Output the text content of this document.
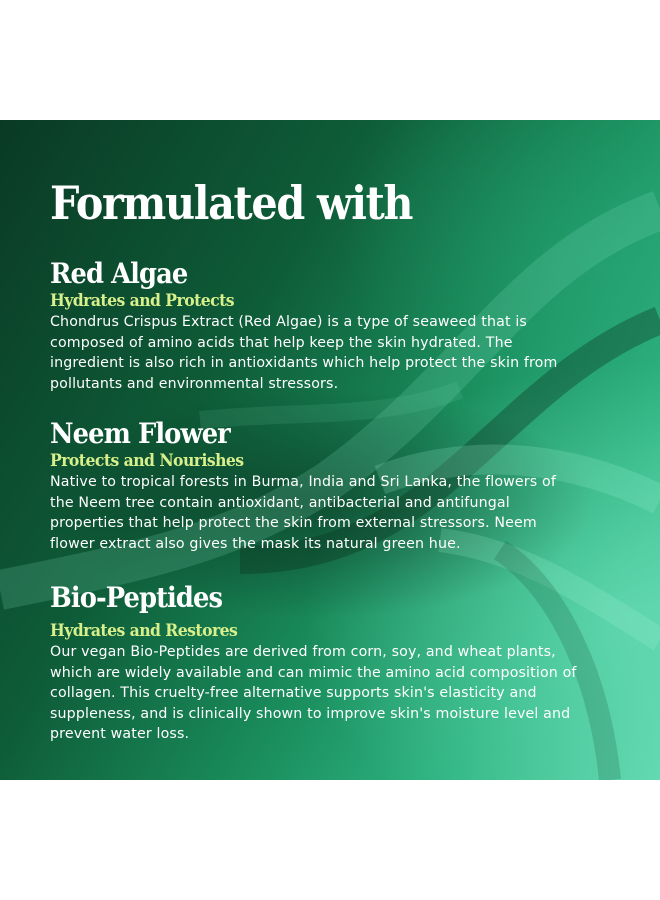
Formulated with
Red Algae
Hydrates and Protects

Chondrus Crispus Extract (Red Algae) is a type of seaweed that is
composed of amino acids that help keep the skin hydrated. The
ingredient is also rich in antioxidants which help protect the skin from
pollutants and environmental stressors.

Neem Flower
Protects and Nourishes

Native to tropical forests in Burma, India and Sri Lanka, the flowers of
the Neem tree contain antioxidant, antibacterial and antifungal
properties that help protect the skin from external stressors. Neem
flower extract also gives the mask its natural green hue.

Bio-Peptides
Hydrates and Restores

Our vegan Bio-Peptides are derived from corn, soy, and wheat plants,
which are widely available and can mimic the amino acid composition of
collagen. This cruelty-free alternative supports skin's elasticity and
suppleness, and is clinically shown to improve skin's moisture level and
prevent water loss.
